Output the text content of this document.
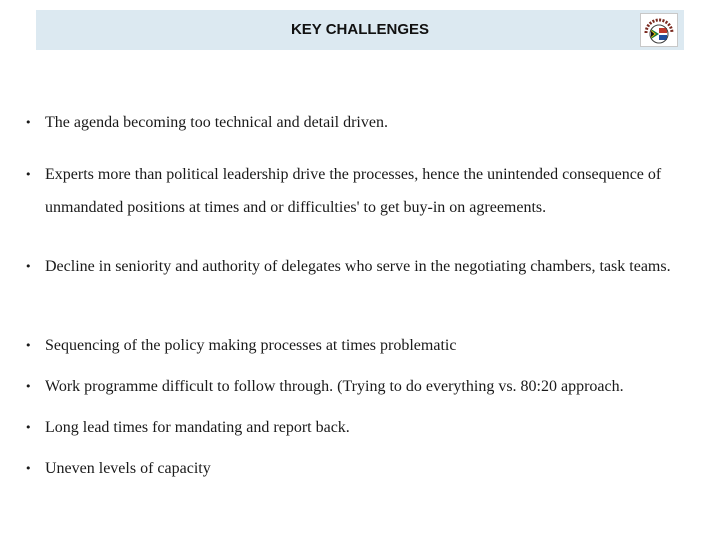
KEY CHALLENGES
• The agenda becoming too technical and detail driven.
• Experts more than political leadership drive the processes, hence the unintended consequence of unmandated positions at times and or difficulties' to get buy-in on agreements.
• Decline in seniority and authority of delegates who serve in the negotiating chambers, task teams.
• Sequencing of the policy making processes at times problematic
• Work programme difficult to follow through. (Trying to do everything vs. 80:20 approach.
• Long lead times for mandating and report back.
• Uneven levels of capacity
